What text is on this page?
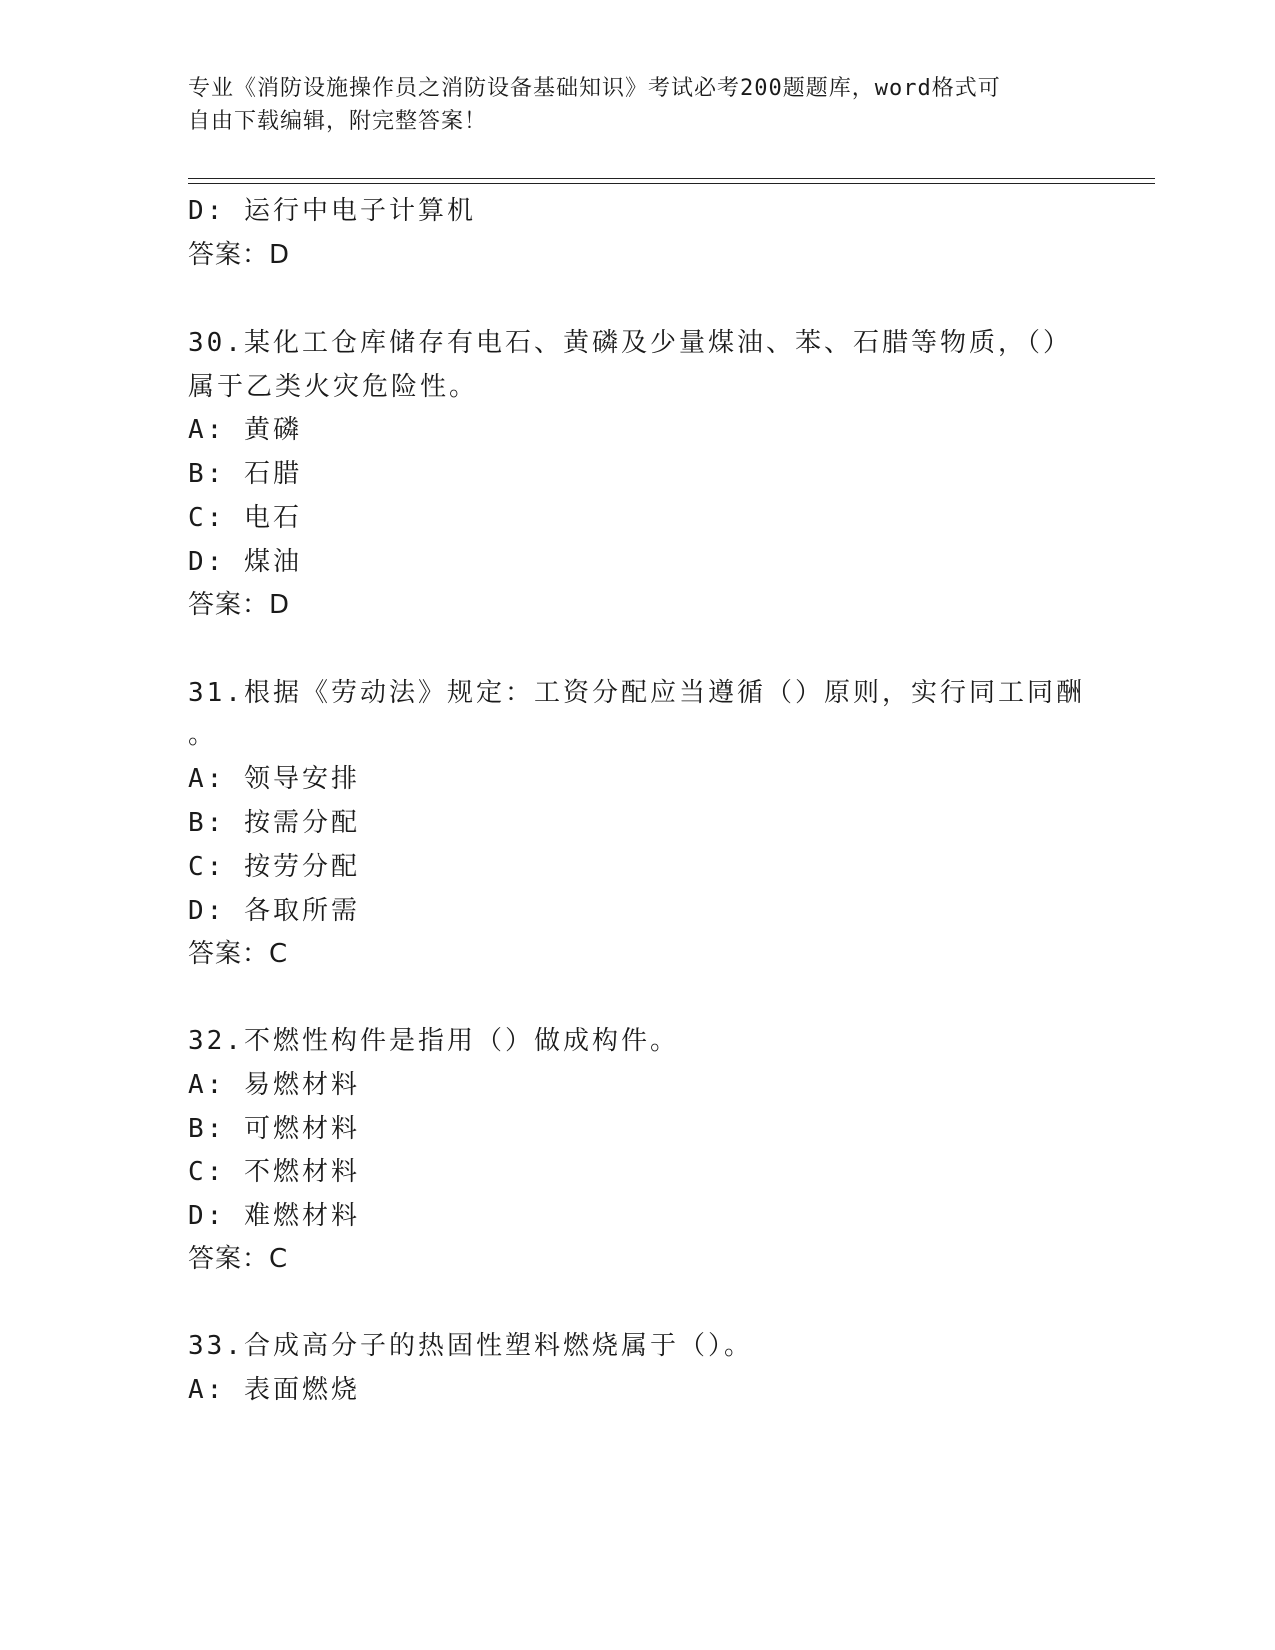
专业《消防设施操作员之消防设备基础知识》考试必考200题题库，word格式可
自由下载编辑，附完整答案！
D: 运行中电子计算机
答案：D
30.某化工仓库储存有电石、黄磷及少量煤油、苯、石腊等物质，（）
属于乙类火灾危险性。
A: 黄磷
B: 石腊
C: 电石
D: 煤油
答案：D
31.根据《劳动法》规定：工资分配应当遵循（）原则，实行同工同酬
。
A: 领导安排
B: 按需分配
C: 按劳分配
D: 各取所需
答案：C
32.不燃性构件是指用（）做成构件。
A: 易燃材料
B: 可燃材料
C: 不燃材料
D: 难燃材料
答案：C
33.合成高分子的热固性塑料燃烧属于（）。
A: 表面燃烧
